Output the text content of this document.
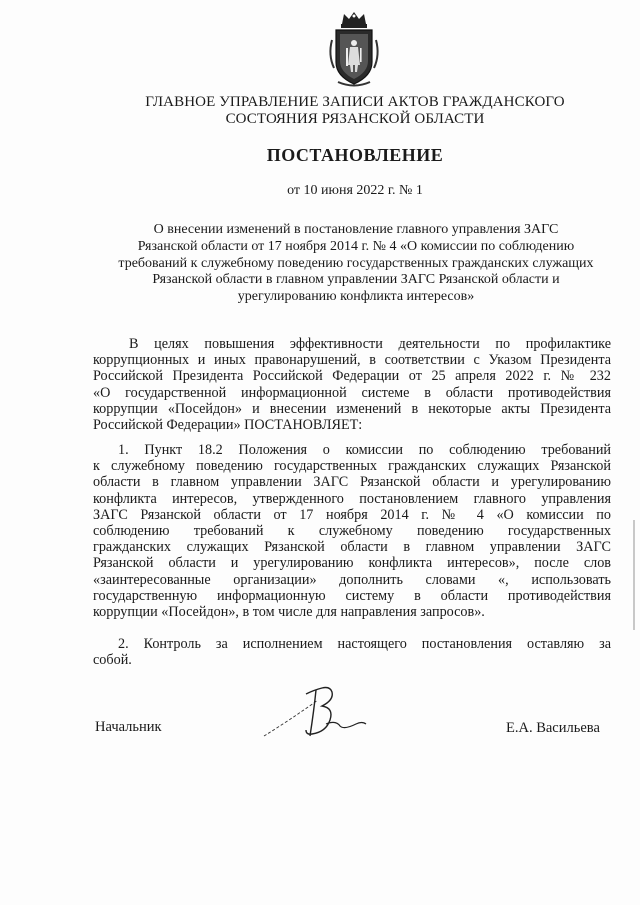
ГЛАВНОЕ УПРАВЛЕНИЕ ЗАПИСИ АКТОВ ГРАЖДАНСКОГО
СОСТОЯНИЯ РЯЗАНСКОЙ ОБЛАСТИ
ПОСТАНОВЛЕНИЕ
от 10 июня 2022 г. № 1
О внесении изменений в постановление главного управления ЗАГС
Рязанской области от 17 ноября 2014 г. № 4 «О комиссии по соблюдению
требований к служебному поведению государственных гражданских служащих
Рязанской области в главном управлении ЗАГС Рязанской области и
урегулированию конфликта интересов»
В целях повышения эффективности деятельности по профилактике
коррупционных и иных правонарушений, в соответствии с Указом Президента
Российской Президента Российской Федерации от 25 апреля 2022 г. № 232
«О государственной информационной системе в области противодействия
коррупции «Посейдон» и внесении изменений в некоторые акты Президента
Российской Федерации» ПОСТАНОВЛЯЕТ:
1. Пункт 18.2 Положения о комиссии по соблюдению требований
к служебному поведению государственных гражданских служащих Рязанской
области в главном управлении ЗАГС Рязанской области и урегулированию
конфликта интересов, утвержденного постановлением главного управления
ЗАГС Рязанской области от 17 ноября 2014 г. № 4 «О комиссии по
соблюдению требований к служебному поведению государственных
гражданских служащих Рязанской области в главном управлении ЗАГС
Рязанской области и урегулированию конфликта интересов», после слов
«заинтересованные организации» дополнить словами «, использовать
государственную информационную систему в области противодействия
коррупции «Посейдон», в том числе для направления запросов».
2. Контроль за исполнением настоящего постановления оставляю за
собой.
Начальник	Е.А. Васильева
